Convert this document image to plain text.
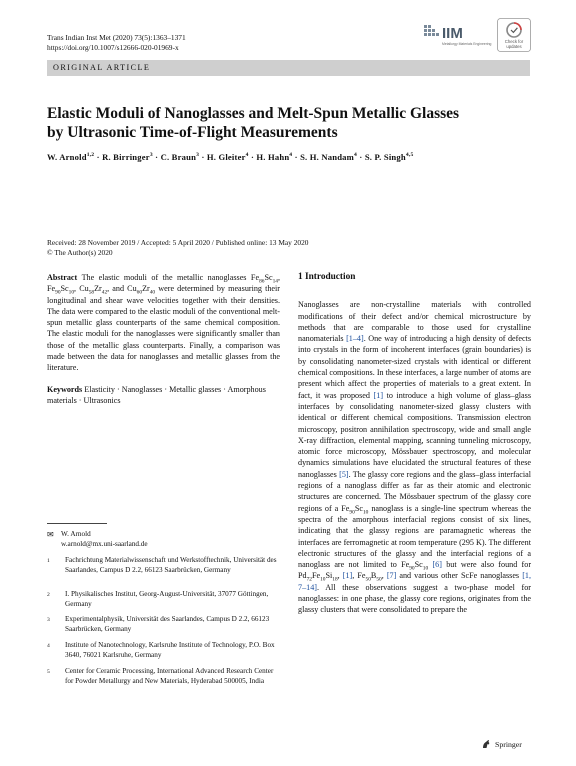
Trans Indian Inst Met (2020) 73(5):1363–1371
https://doi.org/10.1007/s12666-020-01969-x
IIM
Metallurgy Materials Engineering	Check for
updates
ORIGINAL ARTICLE
Elastic Moduli of Nanoglasses and Melt-Spun Metallic Glasses
by Ultrasonic Time-of-Flight Measurements
W. Arnold$^{1,2}$ · R. Birringer$^3$ · C. Braun$^3$ · H. Gleiter$^4$ · H. Hahn$^4$ · S. H. Nandam$^4$ · S. P. Singh$^{4,5}$
Received: 28 November 2019 / Accepted: 5 April 2020 / Published online: 13 May 2020
© The Author(s) 2020

Abstract The elastic moduli of the metallic nanoglasses $Fe_{86}Sc_{14}$, $Fe_{90}Sc_{10}$, $Cu_{58}Zr_{42}$, and $Cu_{60}Zr_{40}$ were determined by measuring their longitudinal and shear wave velocities together with their densities. The data were compared to the elastic moduli of the conventional melt-spun metallic glass counterparts of the same chemical composition. The elastic moduli for the nanoglasses were significantly smaller than those of the metallic glass counterparts. Finally, a comparison was made between the data for nanoglasses and metallic glasses from the literature.

Keywords Elasticity · Nanoglasses · Metallic glasses · Amorphous materials · Ultrasonics

✉	W. Arnold
w.arnold@mx.uni-saarland.de
1	Fachrichtung Materialwissenschaft und Werkstofftechnik, Universität des Saarlandes, Campus D 2.2, 66123 Saarbrücken, Germany
2	I. Physikalisches Institut, Georg-August-Universität, 37077 Göttingen, Germany
3	Experimentalphysik, Universität des Saarlandes, Campus D 2.2, 66123 Saarbrücken, Germany
4	Institute of Nanotechnology, Karlsruhe Institute of Technology, P.O. Box 3640, 76021 Karlsruhe, Germany
5	Center for Ceramic Processing, International Advanced Research Center for Powder Metallurgy and New Materials, Hyderabad 500005, India
1 Introduction

Nanoglasses are non-crystalline materials with controlled modifications of their defect and/or chemical microstructure by methods that are comparable to those used for crystalline nanomaterials [1–4]. One way of introducing a high density of defects into crystals in the form of incoherent interfaces (grain boundaries) is by consolidating nanometer-sized crystals with identical or different chemical compositions. In these interfaces, a large number of atoms are present which affect the properties of materials to a great extent. In fact, it was proposed [1] to introduce a high volume of glass–glass interfaces by consolidating nanometer-sized glassy clusters with identical or different chemical compositions. Transmission electron microscopy, positron annihilation spectroscopy, wide and small angle X-ray diffraction, elemental mapping, scanning tunneling microscopy, atomic force microscopy, Mössbauer spectroscopy, and molecular dynamics simulations have elucidated the structural features of these nanoglasses [5]. The glassy core regions and the glass–glass interfacial regions of a nanoglass differ as far as their atomic and electronic structures are concerned. The Mössbauer spectrum of the glassy core regions of a $Fe_{90}Sc_{10}$ nanoglass is a single-line spectrum whereas the spectra of the amorphous interfacial regions consist of six lines, indicating that the glassy regions are paramagnetic whereas the interfaces are ferromagnetic at room temperature (295 K). The different electronic structures of the glassy and the interfacial regions of a nanoglass are not limited to $Fe_{90}Sc_{10}$ [6] but were also found for $Pd_{72}Fe_{10}Si_{18}$, [1], $Fe_{50}B_{50}$, [7] and various other ScFe nanoglasses [1, 7–14]. All these observations suggest a two-phase model for nanoglasses: in one phase, the glassy core regions, originates from the glassy clusters that were consolidated to prepare the

Springer
